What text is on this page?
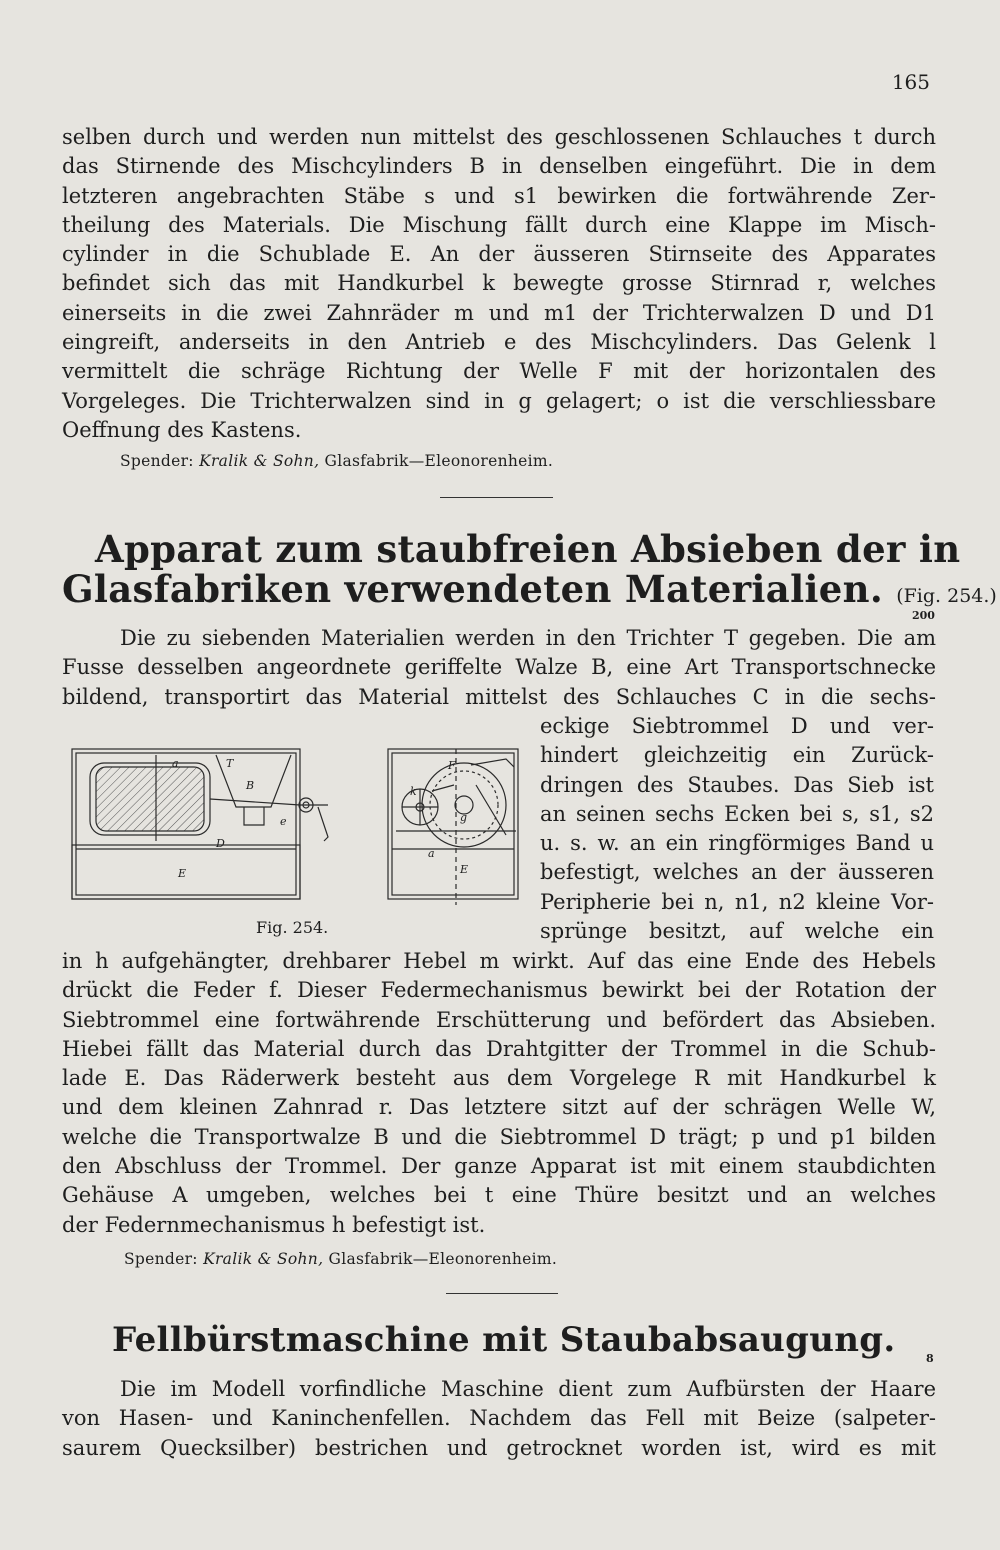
165
selben durch und werden nun mittelst des geschlossenen Schlauches t durch
das Stirnende des Mischcylinders B in denselben eingeführt. Die in dem
letzteren angebrachten Stäbe s und s1 bewirken die fortwährende Zer-
theilung des Materials. Die Mischung fällt durch eine Klappe im Misch-
cylinder in die Schublade E. An der äusseren Stirnseite des Apparates
befindet sich das mit Handkurbel k bewegte grosse Stirnrad r, welches
einerseits in die zwei Zahnräder m und m1 der Trichterwalzen D und D1
eingreift, anderseits in den Antrieb e des Mischcylinders. Das Gelenk l
vermittelt die schräge Richtung der Welle F mit der horizontalen des
Vorgeleges. Die Trichterwalzen sind in g gelagert; o ist die verschliessbare
Oeffnung des Kastens.
Spender: Kralik & Sohn, Glasfabrik—Eleonorenheim.
Apparat zum staubfreien Absieben der in
Glasfabriken verwendeten Materialien. (Fig. 254.)
200
Die zu siebenden Materialien werden in den Trichter T gegeben. Die am
Fusse desselben angeordnete geriffelte Walze B, eine Art Transportschnecke
bildend, transportirt das Material mittelst des Schlauches C in die sechs-
a	T
B
e
D
E
F
k
a
g
E
Fig. 254.
eckige Siebtrommel D und ver-
hindert gleichzeitig ein Zurück-
dringen des Staubes. Das Sieb ist
an seinen sechs Ecken bei s, s1, s2
u. s. w. an ein ringförmiges Band u
befestigt, welches an der äusseren
Peripherie bei n, n1, n2 kleine Vor-
sprünge besitzt, auf welche ein
in h aufgehängter, drehbarer Hebel m wirkt. Auf das eine Ende des Hebels
drückt die Feder f. Dieser Federmechanismus bewirkt bei der Rotation der
Siebtrommel eine fortwährende Erschütterung und befördert das Absieben.
Hiebei fällt das Material durch das Drahtgitter der Trommel in die Schub-
lade E. Das Räderwerk besteht aus dem Vorgelege R mit Handkurbel k
und dem kleinen Zahnrad r. Das letztere sitzt auf der schrägen Welle W,
welche die Transportwalze B und die Siebtrommel D trägt; p und p1 bilden
den Abschluss der Trommel. Der ganze Apparat ist mit einem staubdichten
Gehäuse A umgeben, welches bei t eine Thüre besitzt und an welches
der Federnmechanismus h befestigt ist.
Spender: Kralik & Sohn, Glasfabrik—Eleonorenheim.
Fellbürstmaschine mit Staubabsaugung.	8
Die im Modell vorfindliche Maschine dient zum Aufbürsten der Haare
von Hasen- und Kaninchenfellen. Nachdem das Fell mit Beize (salpeter-
saurem Quecksilber) bestrichen und getrocknet worden ist, wird es mit
